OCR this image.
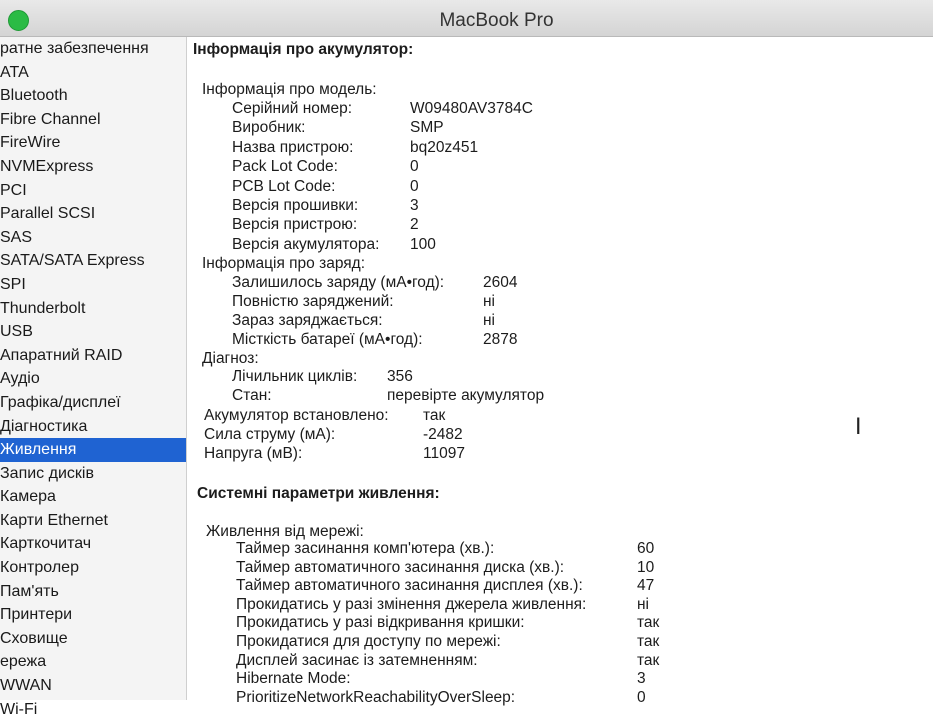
MacBook Pro
ратне забезпечення
ATA
Bluetooth
Fibre Channel
FireWire
NVMExpress
PCI
Parallel SCSI
SAS
SATA/SATA Express
SPI
Thunderbolt
USB
Апаратний RAID
Аудіо
Графіка/дисплеї
Діагностика
Живлення
Запис дисків
Камера
Карти Ethernet
Карткочитач
Контролер
Пам'ять
Принтери
Сховище
ережа
WWAN
Wi-Fi
Інформація про акумулятор:
Інформація про модель:
Серійний номер:	W09480AV3784C
Виробник:	SMP
Назва пристрою:	bq20z451
Pack Lot Code:	0
PCB Lot Code:	0
Версія прошивки:	3
Версія пристрою:	2
Версія акумулятора: 100
Інформація про заряд:
Залишилось заряду (мА•год):	2604
Повністю заряджений:	ні
Зараз заряджається:	ні
Місткість батареї (мА•год):	2878
Діагноз:
Лічильник циклів: 356
Стан:	перевірте акумулятор
Акумулятор встановлено: так
Сила струму (мА):	-2482
Напруга (мВ):	11097
Системні параметри живлення:
Живлення від мережі:
Таймер засинання комп'ютера (хв.):	60
Таймер автоматичного засинання диска (хв.):	10
Таймер автоматичного засинання дисплея (хв.):	47
Прокидатись у разі змінення джерела живлення:	ні
Прокидатись у разі відкривання кришки:	так
Прокидатися для доступу по мережі:	так
Дисплей засинає із затемненням:	так
Hibernate Mode:	3
PrioritizeNetworkReachabilityOverSleep:	0
I
